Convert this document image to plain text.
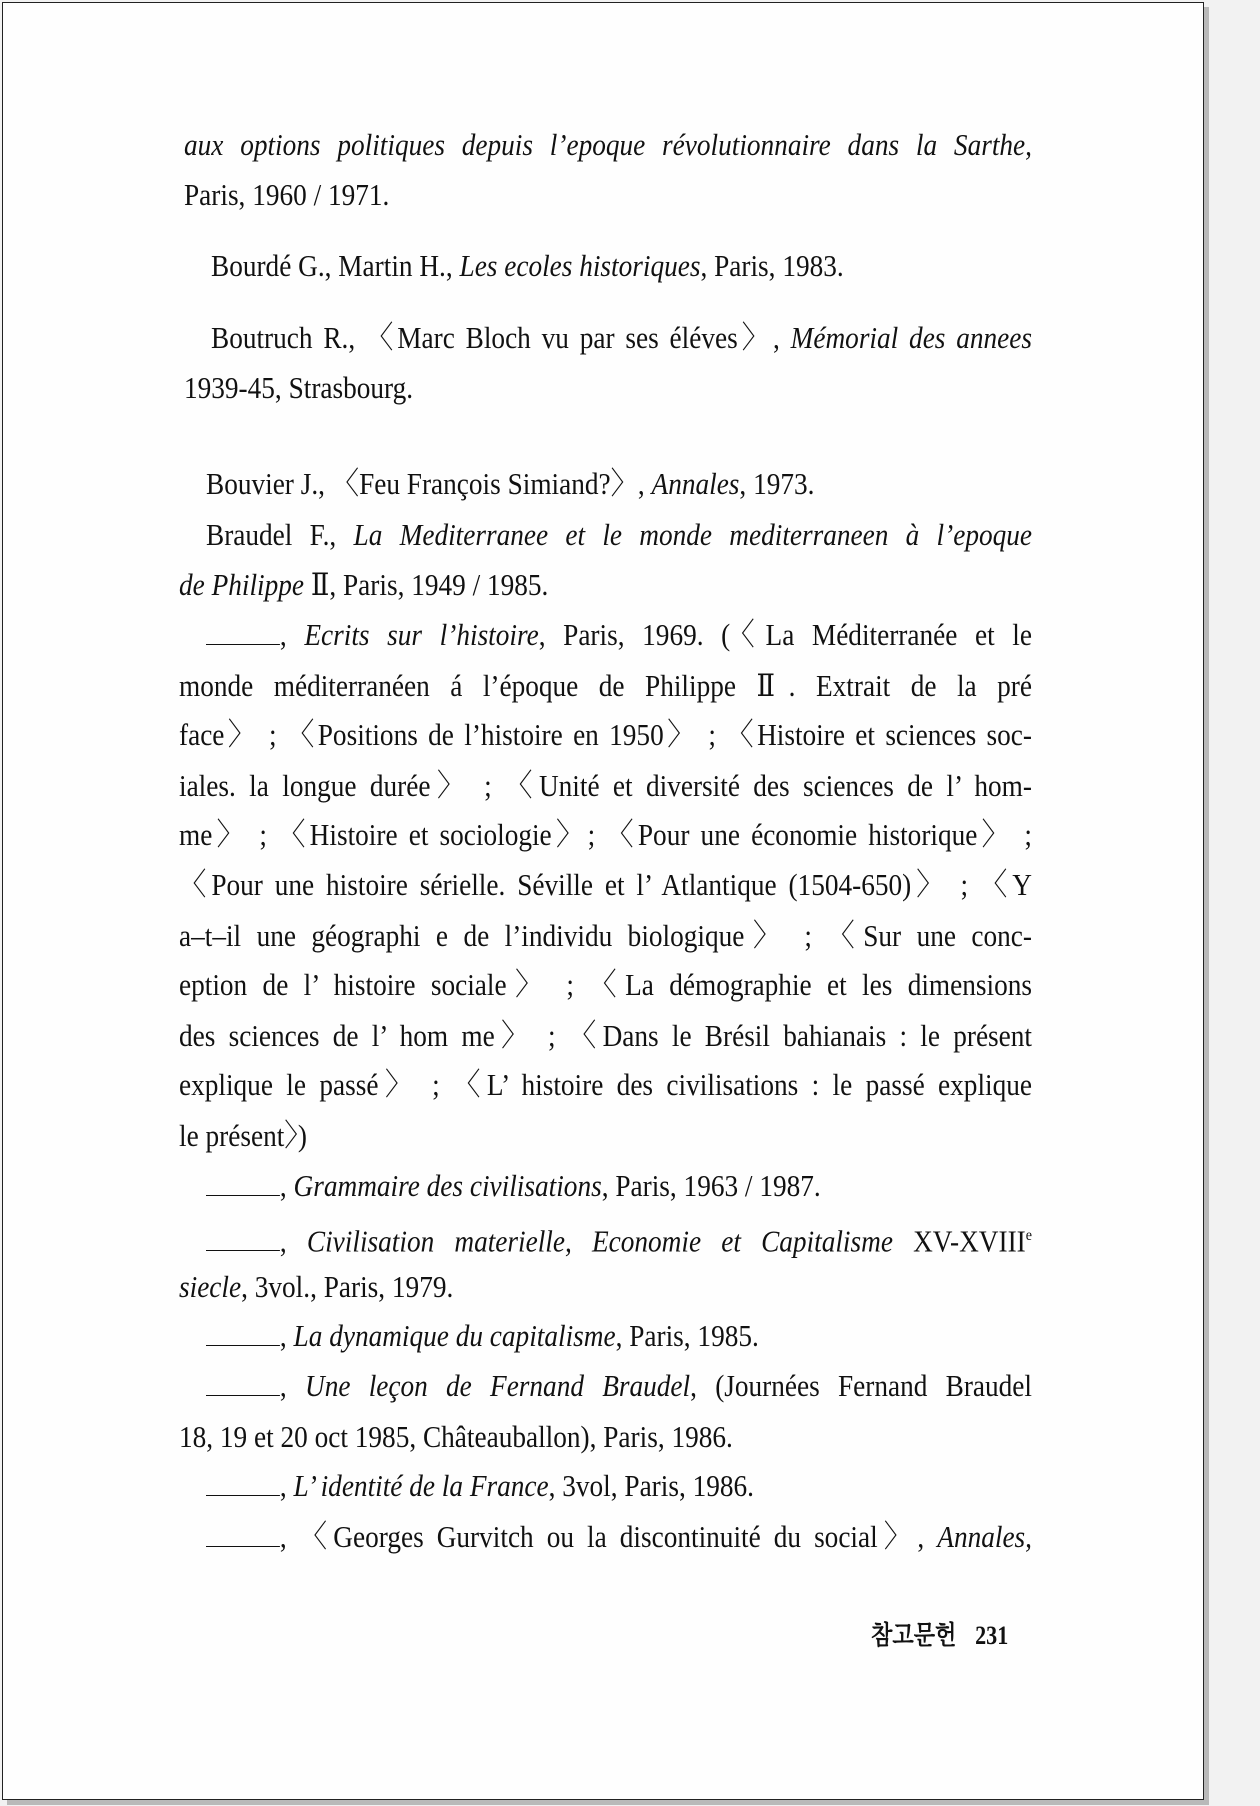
참고문헌 231
aux options politiques depuis l’epoque révolutionnaire dans la Sarthe,
Paris, 1960 / 1971.
Bourdé G., Martin H., Les ecoles historiques, Paris, 1983.
Boutruch R., 〈Marc Bloch vu par ses éléves〉, Mémorial des annees
1939-45, Strasbourg.
Bouvier J., 〈Feu François Simiand?〉, Annales, 1973.
Braudel F., La Mediterranee et le monde mediterraneen à l’epoque
de Philippe Ⅱ, Paris, 1949 / 1985.
, Ecrits sur l’histoire, Paris, 1969. (〈La Méditerranée et le
monde méditerranéen á l’époque de Philippe Ⅱ. Extrait de la pré
face〉 ; 〈Positions de l’histoire en 1950〉 ; 〈Histoire et sciences soc-
iales. la longue durée〉 ; 〈Unité et diversité des sciences de l’ hom-
me〉 ; 〈Histoire et sociologie〉; 〈Pour une économie historique〉 ;
〈Pour une histoire sérielle. Séville et l’ Atlantique (1504-650)〉 ; 〈Y
a–t–il une géographi e de l’individu biologique〉 ; 〈Sur une conc-
eption de l’ histoire sociale〉 ; 〈La démographie et les dimensions
des sciences de l’ hom me〉 ; 〈Dans le Brésil bahianais : le présent
explique le passé〉 ; 〈L’ histoire des civilisations : le passé explique
le présent〉)
, Grammaire des civilisations, Paris, 1963 / 1987.
, Civilisation materielle, Economie et Capitalisme XV-XVIIIe
siecle, 3vol., Paris, 1979.
, La dynamique du capitalisme, Paris, 1985.
, Une leçon de Fernand Braudel, (Journées Fernand Braudel
18, 19 et 20 oct 1985, Châteauballon), Paris, 1986.
, L’ identité de la France, 3vol, Paris, 1986.
, 〈Georges Gurvitch ou la discontinuité du social〉, Annales,
